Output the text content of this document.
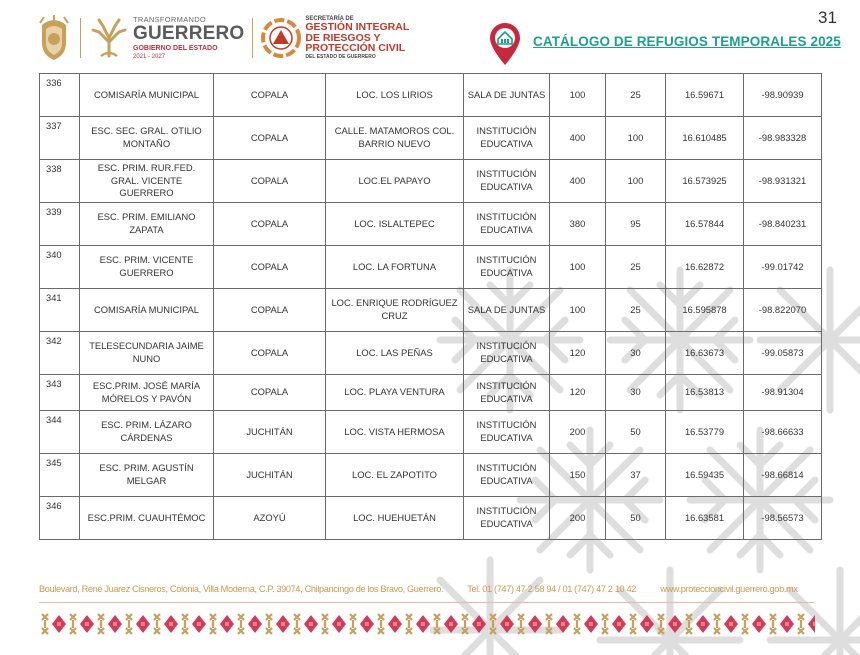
TRANSFORMANDO
GUERRERO
GOBIERNO DEL ESTADO
2021 - 2027
SECRETARÍA DE
GESTIÓN INTEGRAL
DE RIESGOS Y
PROTECCIÓN CIVIL
DEL ESTADO DE GUERRERO
31
CATÁLOGO DE REFUGIOS TEMPORALES 2025
336	COMISARÍA MUNICIPAL	COPALA	LOC. LOS LIRIOS	SALA DE JUNTAS	100	25	16.59671	-98.90939
337	ESC. SEC. GRAL. OTILIO MONTAÑO	COPALA	CALLE. MATAMOROS COL. BARRIO NUEVO	INSTITUCIÓN EDUCATIVA	400	100	16.610485	-98.983328
338	ESC. PRIM. RUR.FED. GRAL. VICENTE GUERRERO	COPALA	LOC.EL PAPAYO	INSTITUCIÓN EDUCATIVA	400	100	16.573925	-98.931321
339	ESC. PRIM. EMILIANO ZAPATA	COPALA	LOC. ISLALTEPEC	INSTITUCIÓN EDUCATIVA	380	95	16.57844	-98.840231
340	ESC. PRIM. VICENTE GUERRERO	COPALA	LOC. LA FORTUNA	INSTITUCIÓN EDUCATIVA	100	25	16.62872	-99.01742
341	COMISARÍA MUNICIPAL	COPALA	LOC. ENRIQUE RODRÍGUEZ CRUZ	SALA DE JUNTAS	100	25	16.595878	-98.822070
342	TELESECUNDARIA JAIME NUNO	COPALA	LOC. LAS PEÑAS	INSTITUCIÓN EDUCATIVA	120	30	16.63673	-99.05873
343	ESC.PRIM. JOSÉ MARÍA MÓRELOS Y PAVÓN	COPALA	LOC. PLAYA VENTURA	INSTITUCIÓN EDUCATIVA	120	30	16.53813	-98.91304
344	ESC. PRIM. LÁZARO CÁRDENAS	JUCHITÁN	LOC. VISTA HERMOSA	INSTITUCIÓN EDUCATIVA	200	50	16.53779	-98.66633
345	ESC. PRIM. AGUSTÍN MELGAR	JUCHITÁN	LOC. EL ZAPOTITO	INSTITUCIÓN EDUCATIVA	150	37	16.59435	-98.66814
346	ESC.PRIM. CUAUHTÉMOC	AZOYÚ	LOC. HUEHUETÁN	INSTITUCIÓN EDUCATIVA	200	50	16.63581	-98.56573
Boulevard, René Juarez Cisneros, Colonia, Villa Moderna, C.P. 39074, Chilpancingo de los Bravo, Guerrero.	Tel. 01 (747) 47 2 58 94 / 01 (747) 47 2 10 42	www.proteccioncivil.guerrero.gob.mx
